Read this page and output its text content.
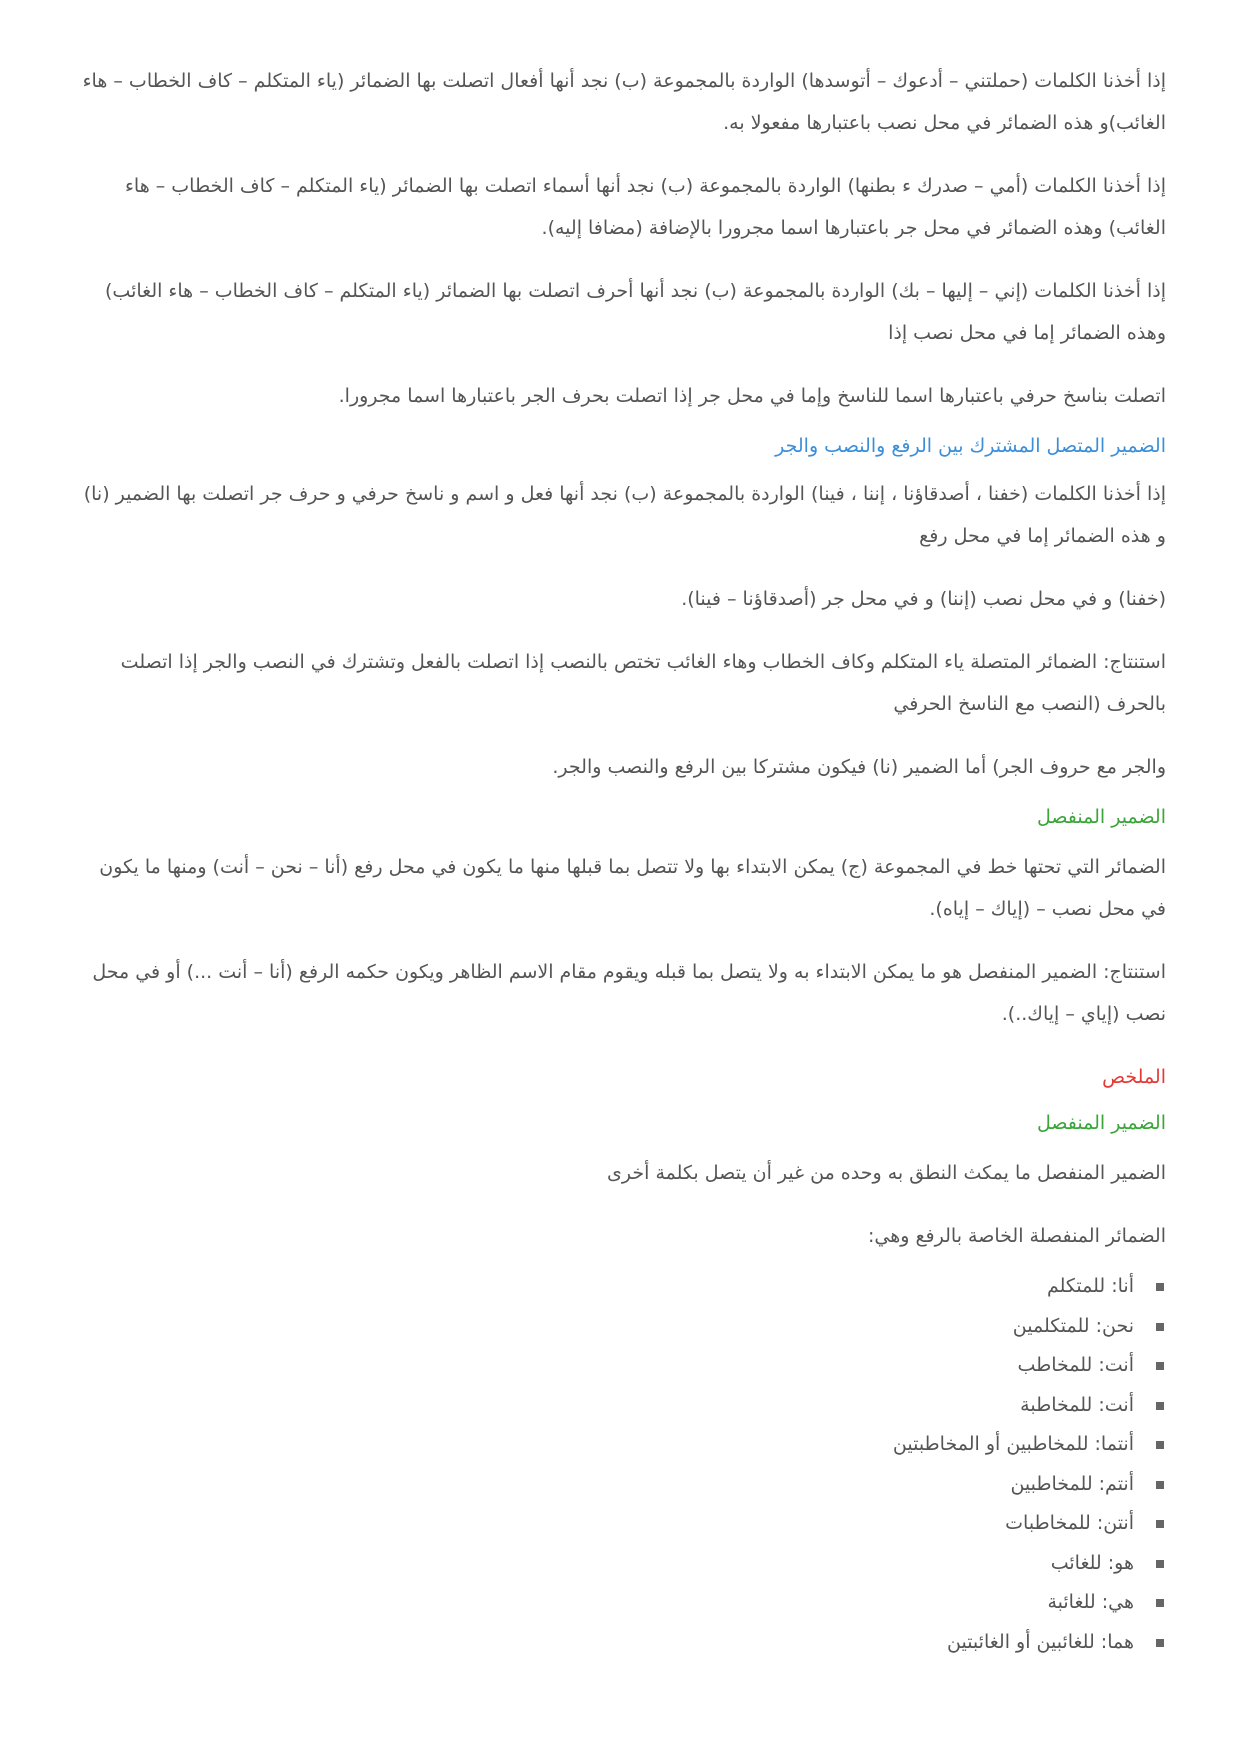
إذا أخذنا الكلمات (حملتني – أدعوك – أتوسدها) الواردة بالمجموعة (ب) نجد أنها أفعال اتصلت بها الضمائر (ياء المتكلم – كاف الخطاب – هاء الغائب)و هذه الضمائر في محل نصب باعتبارها مفعولا به.

إذا أخذنا الكلمات (أمي – صدرك ء بطنها) الواردة بالمجموعة (ب) نجد أنها أسماء اتصلت بها الضمائر (ياء المتكلم – كاف الخطاب – هاء الغائب) وهذه الضمائر في محل جر باعتبارها اسما مجرورا بالإضافة (مضافا إليه).

إذا أخذنا الكلمات (إني – إليها – بك) الواردة بالمجموعة (ب) نجد أنها أحرف اتصلت بها الضمائر (ياء المتكلم – كاف الخطاب – هاء الغائب) وهذه الضمائر إما في محل نصب إذا

اتصلت بناسخ حرفي باعتبارها اسما للناسخ وإما في محل جر إذا اتصلت بحرف الجر باعتبارها اسما مجرورا.

الضمير المتصل المشترك بين الرفع والنصب والجر

إذا أخذنا الكلمات (خفنا ، أصدقاؤنا ، إننا ، فينا) الواردة بالمجموعة (ب) نجد أنها فعل و اسم و ناسخ حرفي و حرف جر اتصلت بها الضمير (نا) و هذه الضمائر إما في محل رفع

(خفنا) و في محل نصب (إننا) و في محل جر (أصدقاؤنا – فينا).

استنتاج: الضمائر المتصلة ياء المتكلم وكاف الخطاب وهاء الغائب تختص بالنصب إذا اتصلت بالفعل وتشترك في النصب والجر إذا اتصلت بالحرف (النصب مع الناسخ الحرفي

والجر مع حروف الجر) أما الضمير (نا) فيكون مشتركا بين الرفع والنصب والجر.

الضمير المنفصل

الضمائر التي تحتها خط في المجموعة (ج) يمكن الابتداء بها ولا تتصل بما قبلها منها ما يكون في محل رفع (أنا – نحن – أنت) ومنها ما يكون في محل نصب – (إياك – إياه).

استنتاج: الضمير المنفصل هو ما يمكن الابتداء به ولا يتصل بما قبله ويقوم مقام الاسم الظاهر ويكون حكمه الرفع (أنا – أنت ...) أو في محل نصب (إياي – إياك..).

الملخص

الضمير المنفصل

الضمير المنفصل ما يمكث النطق به وحده من غير أن يتصل بكلمة أخرى

الضمائر المنفصلة الخاصة بالرفع وهي:

أنا: للمتكلم
نحن: للمتكلمين
أنت: للمخاطب
أنت: للمخاطبة
أنتما: للمخاطبين أو المخاطبتين
أنتم: للمخاطبين
أنتن: للمخاطبات
هو: للغائب
هي: للغائبة
هما: للغائبين أو الغائبتين
